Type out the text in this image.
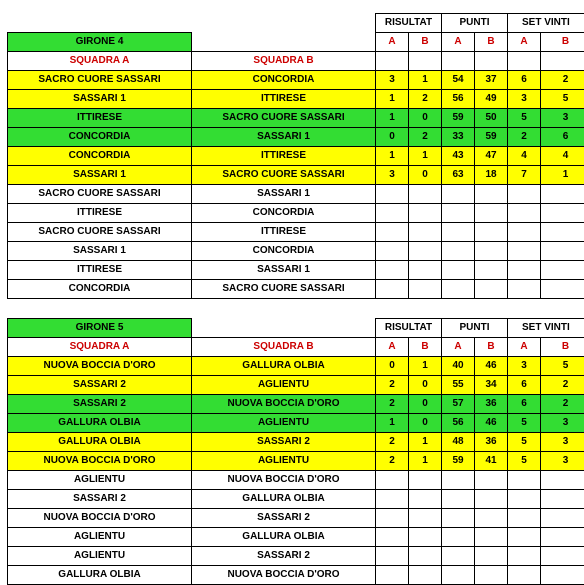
		RISULTAT		PUNTI		SET VINTI	
GIRONE 4		A	B	A	B	A	B
SQUADRA A	SQUADRA B						
SACRO CUORE SASSARI	CONCORDIA	3	1	54	37	6	2
SASSARI 1	ITTIRESE	1	2	56	49	3	5
ITTIRESE	SACRO CUORE SASSARI	1	0	59	50	5	3
CONCORDIA	SASSARI 1	0	2	33	59	2	6
CONCORDIA	ITTIRESE	1	1	43	47	4	4
SASSARI 1	SACRO CUORE SASSARI	3	0	63	18	7	1
SACRO CUORE SASSARI	SASSARI 1						
ITTIRESE	CONCORDIA						
SACRO CUORE SASSARI	ITTIRESE						
SASSARI 1	CONCORDIA						
ITTIRESE	SASSARI 1						
CONCORDIA	SACRO CUORE SASSARI						
GIRONE 5		RISULTAT		PUNTI		SET VINTI	
SQUADRA A	SQUADRA B	A	B	A	B	A	B
NUOVA BOCCIA D'ORO	GALLURA OLBIA	0	1	40	46	3	5
SASSARI 2	AGLIENTU	2	0	55	34	6	2
SASSARI 2	NUOVA BOCCIA D'ORO	2	0	57	36	6	2
GALLURA OLBIA	AGLIENTU	1	0	56	46	5	3
GALLURA OLBIA	SASSARI 2	2	1	48	36	5	3
NUOVA BOCCIA D'ORO	AGLIENTU	2	1	59	41	5	3
AGLIENTU	NUOVA BOCCIA D'ORO						
SASSARI 2	GALLURA OLBIA						
NUOVA BOCCIA D'ORO	SASSARI 2						
AGLIENTU	GALLURA OLBIA						
AGLIENTU	SASSARI 2						
GALLURA OLBIA	NUOVA BOCCIA D'ORO						
